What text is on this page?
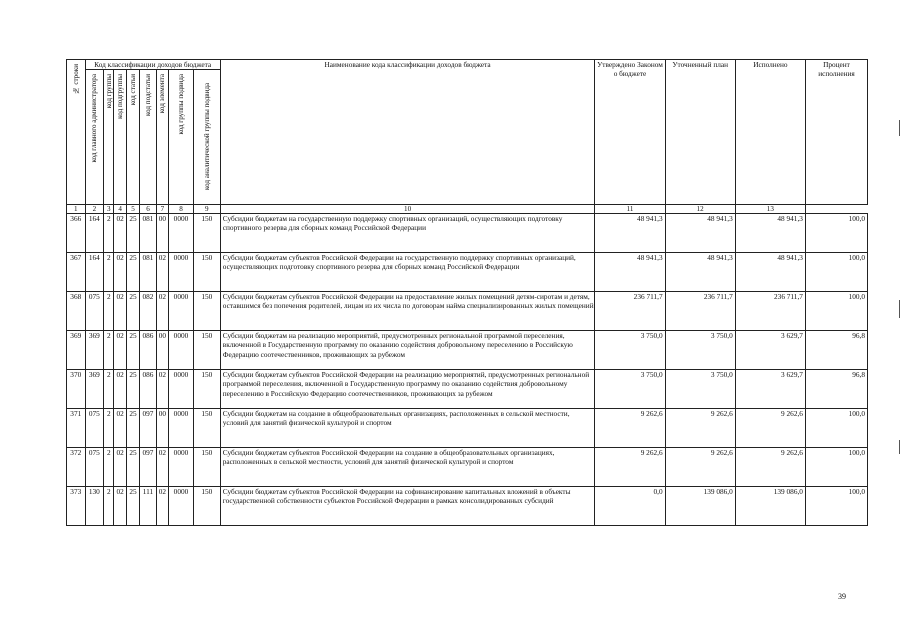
№ строки	Код классификации доходов бюджета								Наименование кода классификации доходов бюджета	Утверждено Законом о бюджете	Уточненный план	Исполнено	Процент исполнения

	код главного администратора	код группы	код подгруппы	код статьи	код подстатьи	код элемента	код группы подвида	код аналитической группы подвида					

1	2	3	4	5	6	7	8	9	10	11	12	13	
366	164	2	02	25	081	00	0000	150	Субсидии бюджетам на государственную поддержку спортивных организаций, осуществляющих подготовку спортивного резерва для сборных команд Российской Федерации	48 941,3	48 941,3	48 941,3	100,0
367	164	2	02	25	081	02	0000	150	Субсидии бюджетам субъектов Российской Федерации на государственную поддержку спортивных организаций, осуществляющих подготовку спортивного резерва для сборных команд Российской Федерации	48 941,3	48 941,3	48 941,3	100,0
368	075	2	02	25	082	02	0000	150	Субсидии бюджетам субъектов Российской Федерации на предоставление жилых помещений детям-сиротам и детям, оставшимся без попечения родителей, лицам из их числа по договорам найма специализированных жилых помещений	236 711,7	236 711,7	236 711,7	100,0
369	369	2	02	25	086	00	0000	150	Субсидии бюджетам на реализацию мероприятий, предусмотренных региональной программой переселения, включенной в Государственную программу по оказанию содействия добровольному переселению в Российскую Федерацию соотечественников, проживающих за рубежом	3 750,0	3 750,0	3 629,7	96,8
370	369	2	02	25	086	02	0000	150	Субсидии бюджетам субъектов Российской Федерации на реализацию мероприятий, предусмотренных региональной программой переселения, включенной в Государственную программу по оказанию содействия добровольному переселению в Российскую Федерацию соотечественников, проживающих за рубежом	3 750,0	3 750,0	3 629,7	96,8
371	075	2	02	25	097	00	0000	150	Субсидии бюджетам на создание в общеобразовательных организациях, расположенных в сельской местности, условий для занятий физической культурой и спортом	9 262,6	9 262,6	9 262,6	100,0
372	075	2	02	25	097	02	0000	150	Субсидии бюджетам субъектов Российской Федерации на создание в общеобразовательных организациях, расположенных в сельской местности, условий для занятий физической культурой и спортом	9 262,6	9 262,6	9 262,6	100,0
373	130	2	02	25	111	02	0000	150	Субсидии бюджетам субъектов Российской Федерации на софинансирование капитальных вложений в объекты государственной собственности субъектов Российской Федерации в рамках консолидированных субсидий	0,0	139 086,0	139 086,0	100,0
39
